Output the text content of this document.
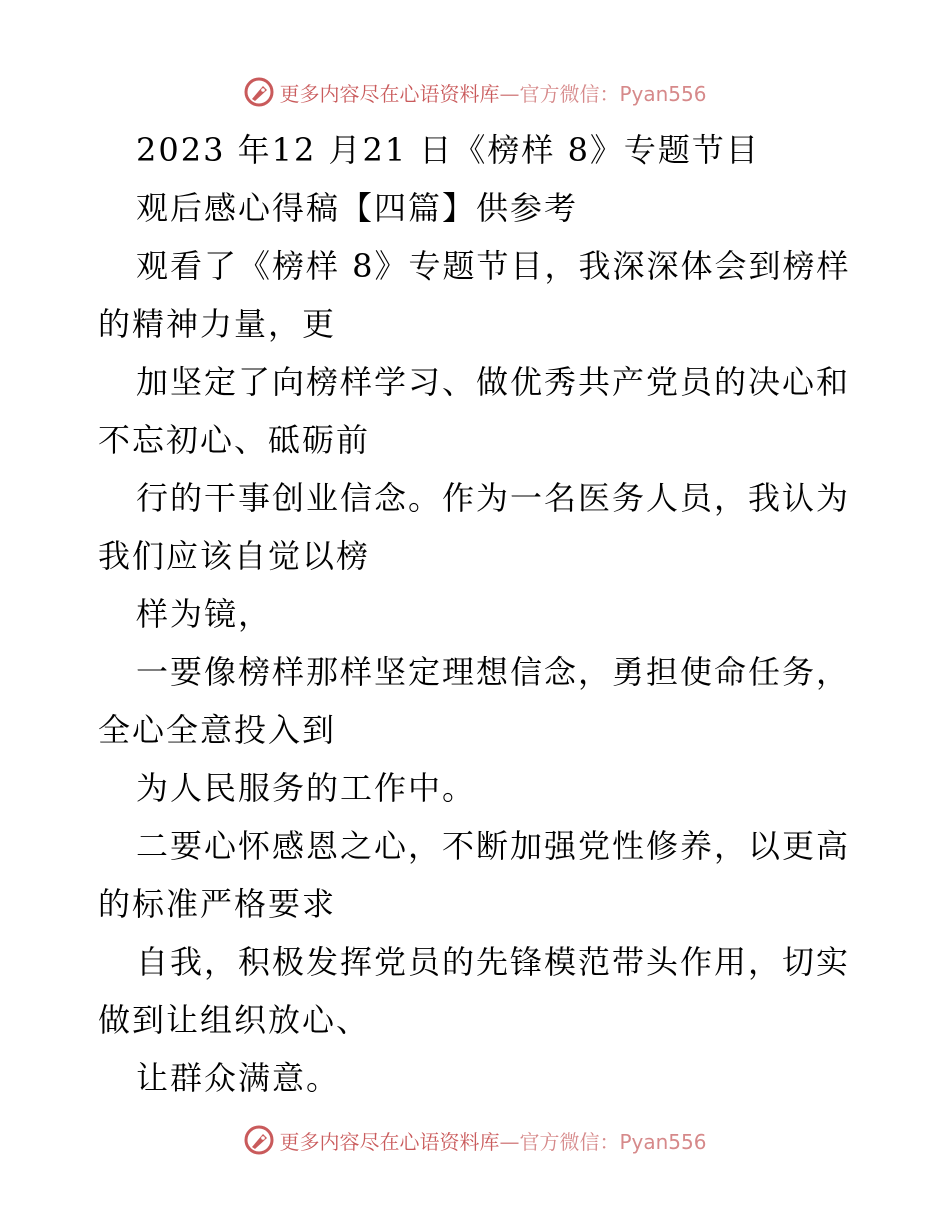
更多内容尽在心语资料库—官方微信：Pyan556
2023 年12 月21 日《榜样 8》专题节目
观后感心得稿【四篇】供参考
观看了《榜样 8》专题节目，我深深体会到榜样
的精神力量，更
加坚定了向榜样学习、做优秀共产党员的决心和
不忘初心、砥砺前
行的干事创业信念。作为一名医务人员，我认为
我们应该自觉以榜
样为镜，
一要像榜样那样坚定理想信念，勇担使命任务，
全心全意投入到
为人民服务的工作中。
二要心怀感恩之心，不断加强党性修养，以更高
的标准严格要求
自我，积极发挥党员的先锋模范带头作用，切实
做到让组织放心、
让群众满意。
更多内容尽在心语资料库—官方微信：Pyan556
